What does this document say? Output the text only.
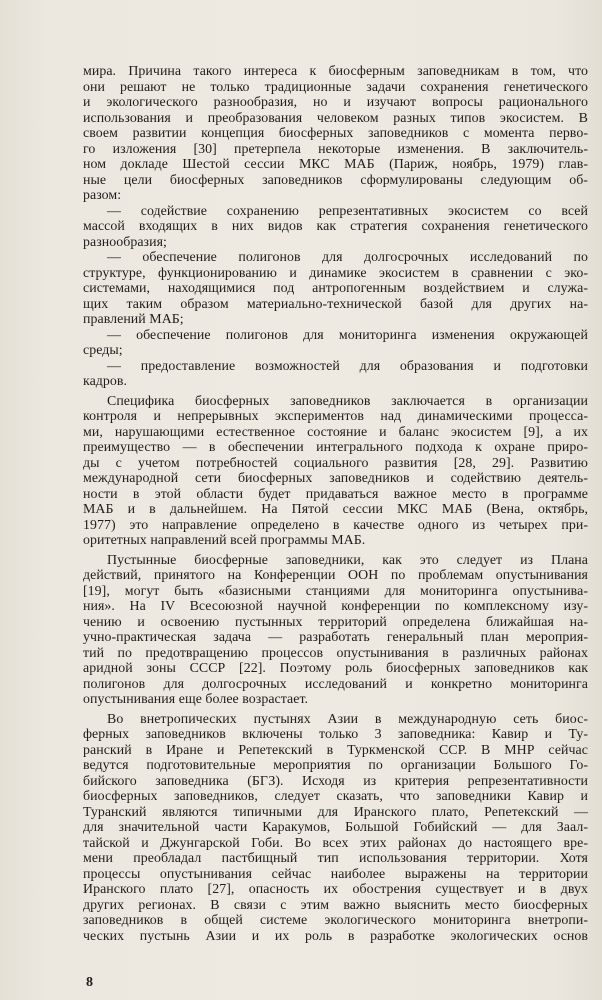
мира. Причина такого интереса к биосферным заповедникам в том, что
они решают не только традиционные задачи сохранения генетического
и экологического разнообразия, но и изучают вопросы рационального
использования и преобразования человеком разных типов экосистем. В
своем развитии концепция биосферных заповедников с момента перво-
го изложения [30] претерпела некоторые изменения. В заключитель-
ном докладе Шестой сессии МКС МАБ (Париж, ноябрь, 1979) глав-
ные цели биосферных заповедников сформулированы следующим об-
разом:
— содействие сохранению репрезентативных экосистем со всей
массой входящих в них видов как стратегия сохранения генетического
разнообразия;
— обеспечение полигонов для долгосрочных исследований по
структуре, функционированию и динамике экосистем в сравнении с эко-
системами, находящимися под антропогенным воздействием и служа-
щих таким образом материально-технической базой для других на-
правлений МАБ;
— обеспечение полигонов для мониторинга изменения окружающей
среды;
— предоставление возможностей для образования и подготовки
кадров.
Специфика биосферных заповедников заключается в организации
контроля и непрерывных экспериментов над динамическими процесса-
ми, нарушающими естественное состояние и баланс экосистем [9], а их
преимущество — в обеспечении интегрального подхода к охране приро-
ды с учетом потребностей социального развития [28, 29]. Развитию
международной сети биосферных заповедников и содействию деятель-
ности в этой области будет придаваться важное место в программе
МАБ и в дальнейшем. На Пятой сессии МКС МАБ (Вена, октябрь,
1977) это направление определено в качестве одного из четырех при-
оритетных направлений всей программы МАБ.
Пустынные биосферные заповедники, как это следует из Плана
действий, принятого на Конференции ООН по проблемам опустынивания
[19], могут быть «базисными станциями для мониторинга опустынива-
ния». На IV Всесоюзной научной конференции по комплексному изу-
чению и освоению пустынных территорий определена ближайшая на-
учно-практическая задача — разработать генеральный план мероприя-
тий по предотвращению процессов опустынивания в различных районах
аридной зоны СССР [22]. Поэтому роль биосферных заповедников как
полигонов для долгосрочных исследований и конкретно мониторинга
опустынивания еще более возрастает.
Во внетропических пустынях Азии в международную сеть биос-
ферных заповедников включены только 3 заповедника: Кавир и Ту-
ранский в Иране и Репетекский в Туркменской ССР. В МНР сейчас
ведутся подготовительные мероприятия по организации Большого Го-
бийского заповедника (БГЗ). Исходя из критерия репрезентативности
биосферных заповедников, следует сказать, что заповедники Кавир и
Туранский являются типичными для Иранского плато, Репетекский —
для значительной части Каракумов, Большой Гобийский — для Заал-
тайской и Джунгарской Гоби. Во всех этих районах до настоящего вре-
мени преобладал пастбищный тип использования территории. Хотя
процессы опустынивания сейчас наиболее выражены на территории
Иранского плато [27], опасность их обострения существует и в двух
других регионах. В связи с этим важно выяснить место биосферных
заповедников в общей системе экологического мониторинга внетропи-
ческих пустынь Азии и их роль в разработке экологических основ
8
